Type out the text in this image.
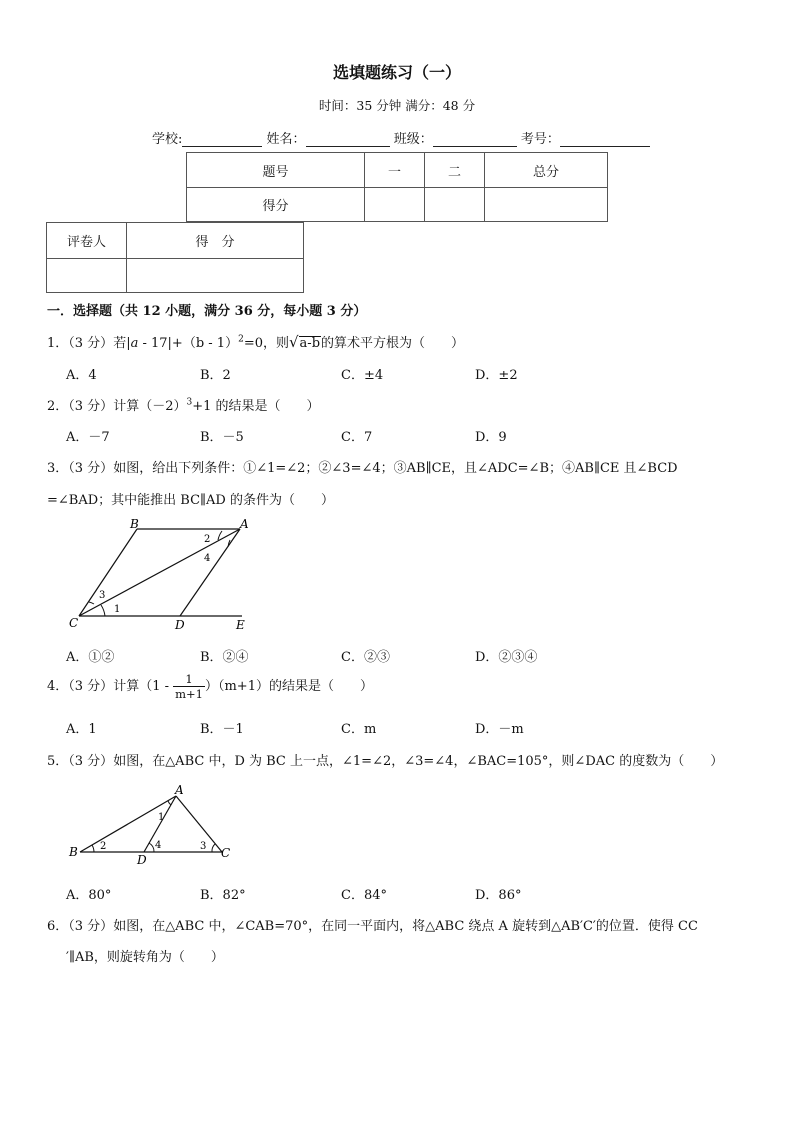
选填题练习（一）
时间：35 分钟 满分：48 分
学校:	姓名：	班级：	考号：
题号	一	二	总分
得分			
评卷人	得　分

一．选择题（共 12 小题，满分 36 分，每小题 3 分）
1．（3 分）若|a - 17|+（b - 1）$^2$=0，则√a-b的算术平方根为（　　）
A．4	B．2	C．±4	D．±2
2．（3 分）计算$(-2)^3+1$ 的结果是（　　）
A．－7	B．－5	C．7	D．9
3．（3 分）如图，给出下列条件：①∠1=∠2；②∠3=∠4；③AB∥CE，且∠ADC=∠B；④AB∥CE 且∠BCD
=∠BAD；其中能推出 BC∥AD 的条件为（　　）
B	A
C	D	E
2
4
3
1
A．①②	B．②④	C．②③	D．②③④
4．（3 分）计算$(1 - \frac{1}{m+1} )(m+1)$的结果是（　　）
A．1	B．－1	C．m	D．－m
5．（3 分）如图，在△ABC 中，D 为 BC 上一点，∠1=∠2，∠3=∠4，∠BAC=105°，则∠DAC 的度数为（　　）
A
B	C
D
1
2	3
4
A．80°	B．82°	C．84°	D．86°
6．（3 分）如图，在△ABC 中，∠CAB=70°，在同一平面内，将△ABC 绕点 A 旋转到△AB′C′的位置．使得 CC
′∥AB，则旋转角为（　　）
